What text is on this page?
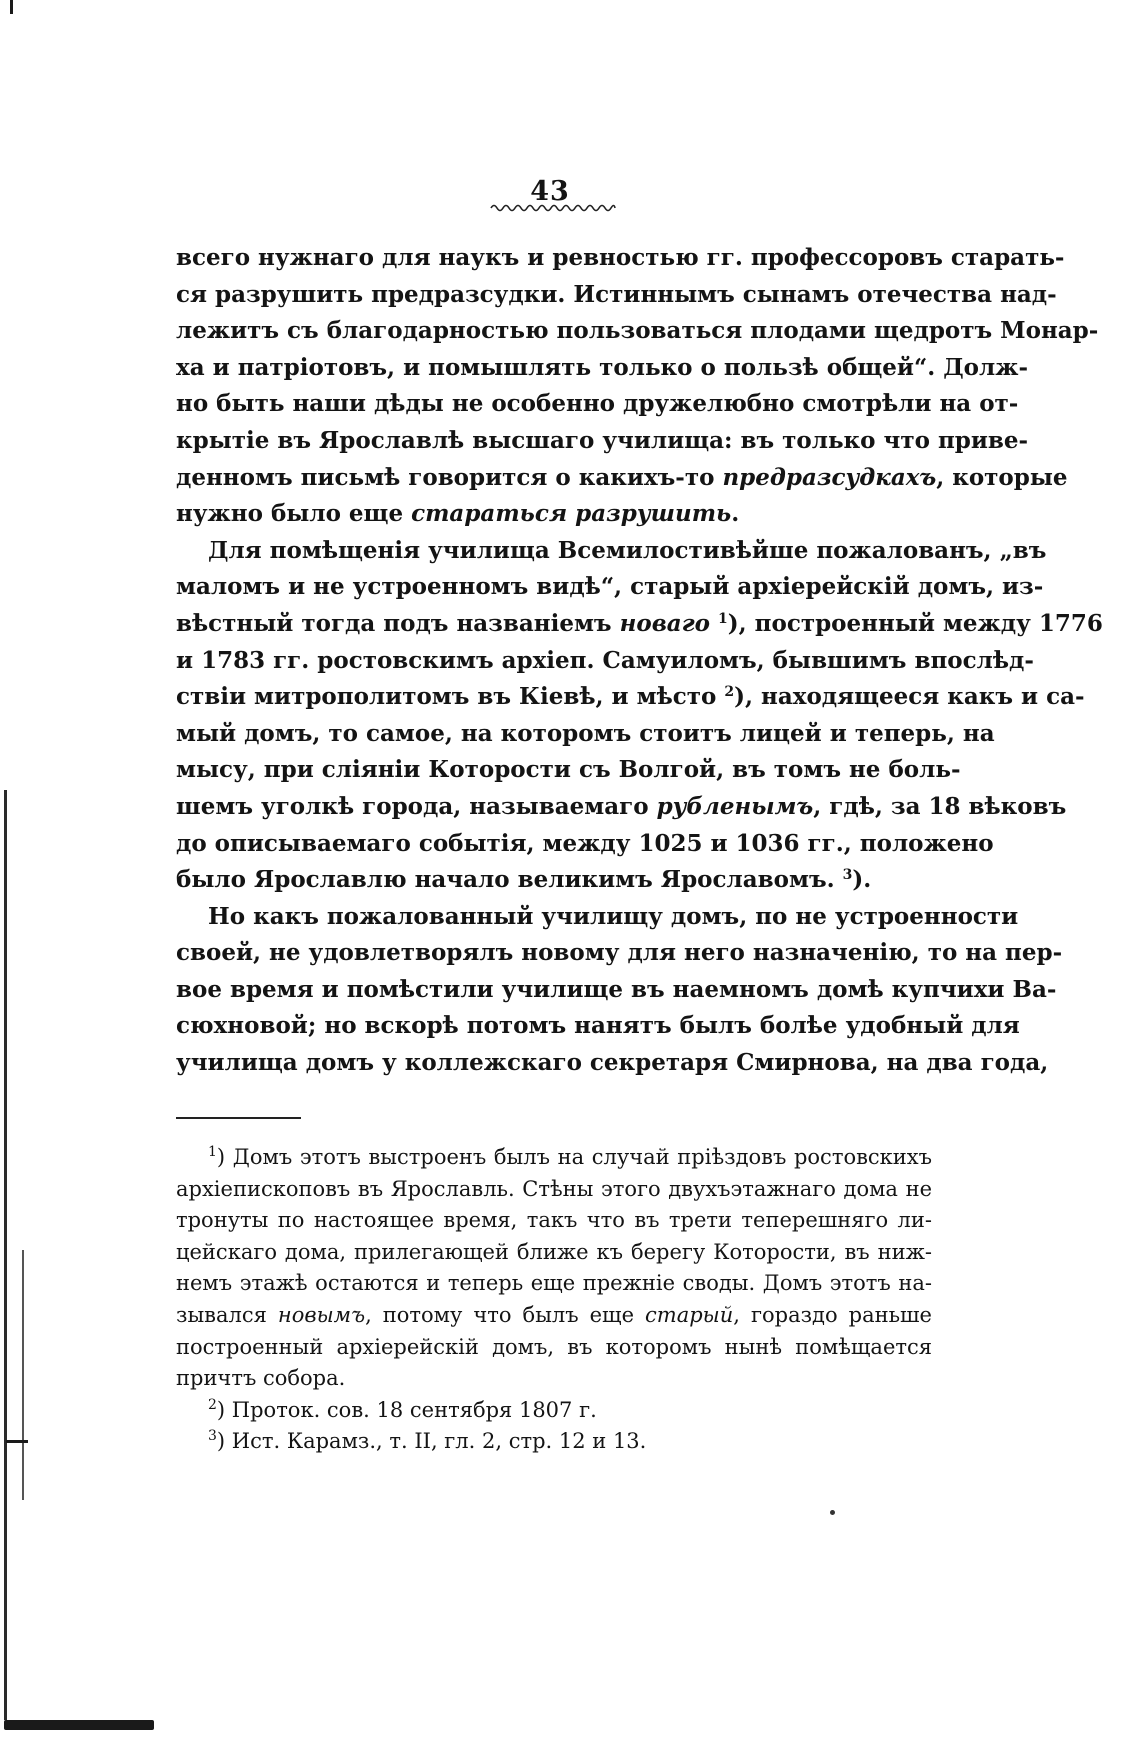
43
всего нужнаго для наукъ и ревностью гг. профессоровъ старать-
ся разрушить предразсудки. Истиннымъ сынамъ отечества над-
лежитъ съ благодарностью пользоваться плодами щедротъ Монар-
ха и патріотовъ, и помышлять только о пользѣ общей“. Долж-
но быть наши дѣды не особенно дружелюбно смотрѣли на от-
крытіе въ Ярославлѣ высшаго училища: въ только что приве-
денномъ письмѣ говорится о какихъ-то предразсудкахъ, которые
нужно было еще стараться разрушить.
Для помѣщенія училища Всемилостивѣйше пожалованъ, „въ
маломъ и не устроенномъ видѣ“, старый архіерейскій домъ, из-
вѣстный тогда подъ названіемъ новаго $^1$), построенный между 1776
и 1783 гг. ростовскимъ архіеп. Самуиломъ, бывшимъ впослѣд-
ствіи митрополитомъ въ Кіевѣ, и мѣсто $^2$), находящееся какъ и са-
мый домъ, то самое, на которомъ стоитъ лицей и теперь, на
мысу, при сліяніи Которости съ Волгой, въ томъ не боль-
шемъ уголкѣ города, называемаго рубленымъ, гдѣ, за 18 вѣковъ
до описываемаго событія, между 1025 и 1036 гг., положено
было Ярославлю начало великимъ Ярославомъ. $^3$).
Но какъ пожалованный училищу домъ, по не устроенности
своей, не удовлетворялъ новому для него назначенію, то на пер-
вое время и помѣстили училище въ наемномъ домѣ купчихи Ва-
сюхновой; но вскорѣ потомъ нанятъ былъ болѣе удобный для
училища домъ у коллежскаго секретаря Смирнова, на два года,
$^1$) Домъ этотъ выстроенъ былъ на случай пріѣздовъ ростовскихъ
архіепископовъ въ Ярославль. Стѣны этого двухъэтажнаго дома не
тронуты по настоящее время, такъ что въ трети теперешняго ли-
цейскаго дома, прилегающей ближе къ берегу Которости, въ ниж-
немъ этажѣ остаются и теперь еще прежніе своды. Домъ этотъ на-
зывался новымъ, потому что былъ еще старый, гораздо раньше
построенный архіерейскій домъ, въ которомъ нынѣ помѣщается
причтъ собора.
$^2$) Проток. сов. 18 сентября 1807 г.
$^3$) Ист. Карамз., т. II, гл. 2, стр. 12 и 13.
